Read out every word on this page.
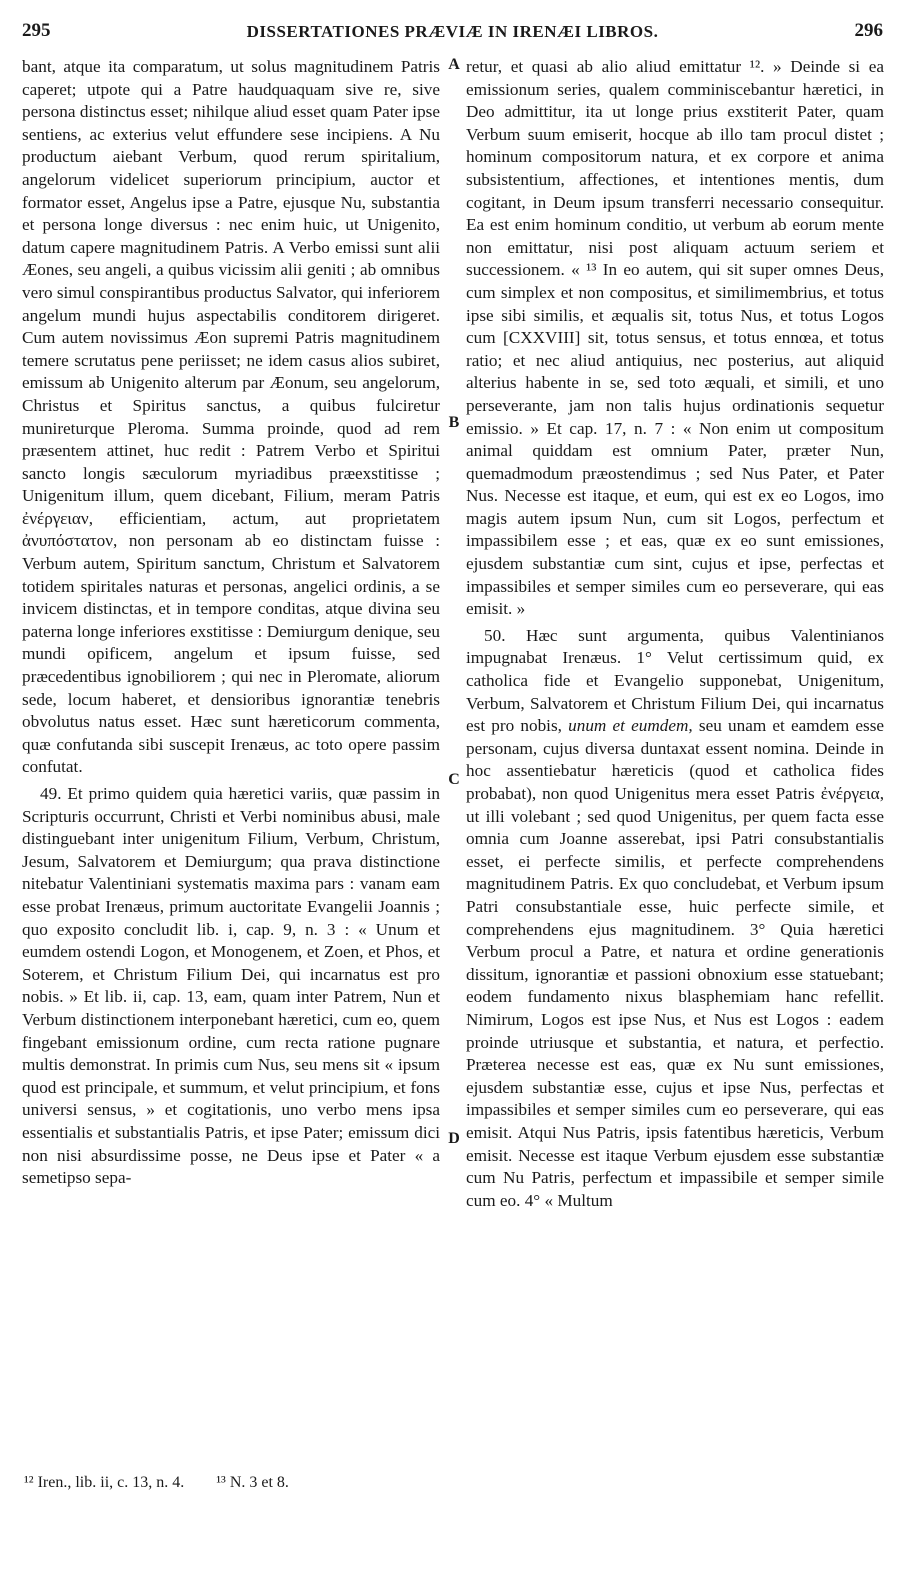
295	DISSERTATIONES PRÆVIÆ IN IRENÆI LIBROS.	296

bant, atque ita comparatum, ut solus magnitudinem Patris caperet; utpote qui a Patre haudquaquam sive re, sive persona distinctus esset; nihilque aliud esset quam Pater ipse sentiens, ac exterius velut effundere sese incipiens. A Nu productum aiebant Verbum, quod rerum spiritalium, angelorum videlicet superiorum principium, auctor et formator esset, Angelus ipse a Patre, ejusque Nu, substantia et persona longe diversus : nec enim huic, ut Unigenito, datum capere magnitudinem Patris. A Verbo emissi sunt alii Æones, seu angeli, a quibus vicissim alii geniti ; ab omnibus vero simul conspirantibus productus Salvator, qui inferiorem angelum mundi hujus aspectabilis conditorem dirigeret. Cum autem novissimus Æon supremi Patris magnitudinem temere scrutatus pene periisset; ne idem casus alios subiret, emissum ab Unigenito alterum par Æonum, seu angelorum, Christus et Spiritus sanctus, a quibus fulciretur munireturque Pleroma. Summa proinde, quod ad rem præsentem attinet, huc redit : Patrem Verbo et Spiritui sancto longis sæculorum myriadibus præexstitisse ; Unigenitum illum, quem dicebant, Filium, meram Patris ἐνέργειαν, efficientiam, actum, aut proprietatem ἀνυπόστατον, non personam ab eo distinctam fuisse : Verbum autem, Spiritum sanctum, Christum et Salvatorem totidem spiritales naturas et personas, angelici ordinis, a se invicem distinctas, et in tempore conditas, atque divina seu paterna longe inferiores exstitisse : Demiurgum denique, seu mundi opificem, angelum et ipsum fuisse, sed præcedentibus ignobiliorem ; qui nec in Pleromate, aliorum sede, locum haberet, et densioribus ignorantiæ tenebris obvolutus natus esset. Hæc sunt hæreticorum commenta, quæ confutanda sibi suscepit Irenæus, ac toto opere passim confutat.

49. Et primo quidem quia hæretici variis, quæ passim in Scripturis occurrunt, Christi et Verbi nominibus abusi, male distinguebant inter unigenitum Filium, Verbum, Christum, Jesum, Salvatorem et Demiurgum; qua prava distinctione nitebatur Valentiniani systematis maxima pars : vanam eam esse probat Irenæus, primum auctoritate Evangelii Joannis ; quo exposito concludit lib. i, cap. 9, n. 3 : « Unum et eumdem ostendi Logon, et Monogenem, et Zoen, et Phos, et Soterem, et Christum Filium Dei, qui incarnatus est pro nobis. » Et lib. ii, cap. 13, eam, quam inter Patrem, Nun et Verbum distinctionem interponebant hæretici, cum eo, quem fingebant emissionum ordine, cum recta ratione pugnare multis demonstrat. In primis cum Nus, seu mens sit « ipsum quod est principale, et summum, et velut principium, et fons universi sensus, » et cogitationis, uno verbo mens ipsa essentialis et substantialis Patris, et ipse Pater; emissum dici non nisi absurdissime posse, ne Deus ipse et Pater « a semetipso sepa-

A
B
C
D

retur, et quasi ab alio aliud emittatur ¹². » Deinde si ea emissionum series, qualem comminiscebantur hæretici, in Deo admittitur, ita ut longe prius exstiterit Pater, quam Verbum suum emiserit, hocque ab illo tam procul distet ; hominum compositorum natura, et ex corpore et anima subsistentium, affectiones, et intentiones mentis, dum cogitant, in Deum ipsum transferri necessario consequitur. Ea est enim hominum conditio, ut verbum ab eorum mente non emittatur, nisi post aliquam actuum seriem et successionem. « ¹³ In eo autem, qui sit super omnes Deus, cum simplex et non compositus, et similimembrius, et totus ipse sibi similis, et æqualis sit, totus Nus, et totus Logos cum [CXXVIII] sit, totus sensus, et totus ennœa, et totus ratio; et nec aliud antiquius, nec posterius, aut aliquid alterius habente in se, sed toto æquali, et simili, et uno perseverante, jam non talis hujus ordinationis sequetur emissio. » Et cap. 17, n. 7 : « Non enim ut compositum animal quiddam est omnium Pater, præter Nun, quemadmodum præostendimus ; sed Nus Pater, et Pater Nus. Necesse est itaque, et eum, qui est ex eo Logos, imo magis autem ipsum Nun, cum sit Logos, perfectum et impassibilem esse ; et eas, quæ ex eo sunt emissiones, ejusdem substantiæ cum sint, cujus et ipse, perfectas et impassibiles et semper similes cum eo perseverare, qui eas emisit. »

50. Hæc sunt argumenta, quibus Valentinianos impugnabat Irenæus. 1° Velut certissimum quid, ex catholica fide et Evangelio supponebat, Unigenitum, Verbum, Salvatorem et Christum Filium Dei, qui incarnatus est pro nobis, unum et eumdem, seu unam et eamdem esse personam, cujus diversa duntaxat essent nomina. Deinde in hoc assentiebatur hæreticis (quod et catholica fides probabat), non quod Unigenitus mera esset Patris ἐνέργεια, ut illi volebant ; sed quod Unigenitus, per quem facta esse omnia cum Joanne asserebat, ipsi Patri consubstantialis esset, ei perfecte similis, et perfecte comprehendens magnitudinem Patris. Ex quo concludebat, et Verbum ipsum Patri consubstantiale esse, huic perfecte simile, et comprehendens ejus magnitudinem. 3° Quia hæretici Verbum procul a Patre, et natura et ordine generationis dissitum, ignorantiæ et passioni obnoxium esse statuebant; eodem fundamento nixus blasphemiam hanc refellit. Nimirum, Logos est ipse Nus, et Nus est Logos : eadem proinde utriusque et substantia, et natura, et perfectio. Præterea necesse est eas, quæ ex Nu sunt emissiones, ejusdem substantiæ esse, cujus et ipse Nus, perfectas et impassibiles et semper similes cum eo perseverare, qui eas emisit. Atqui Nus Patris, ipsis fatentibus hæreticis, Verbum emisit. Necesse est itaque Verbum ejusdem esse substantiæ cum Nu Patris, perfectum et impassibile et semper simile cum eo. 4° « Multum

¹² Iren., lib. ii, c. 13, n. 4. ¹³ N. 3 et 8.
